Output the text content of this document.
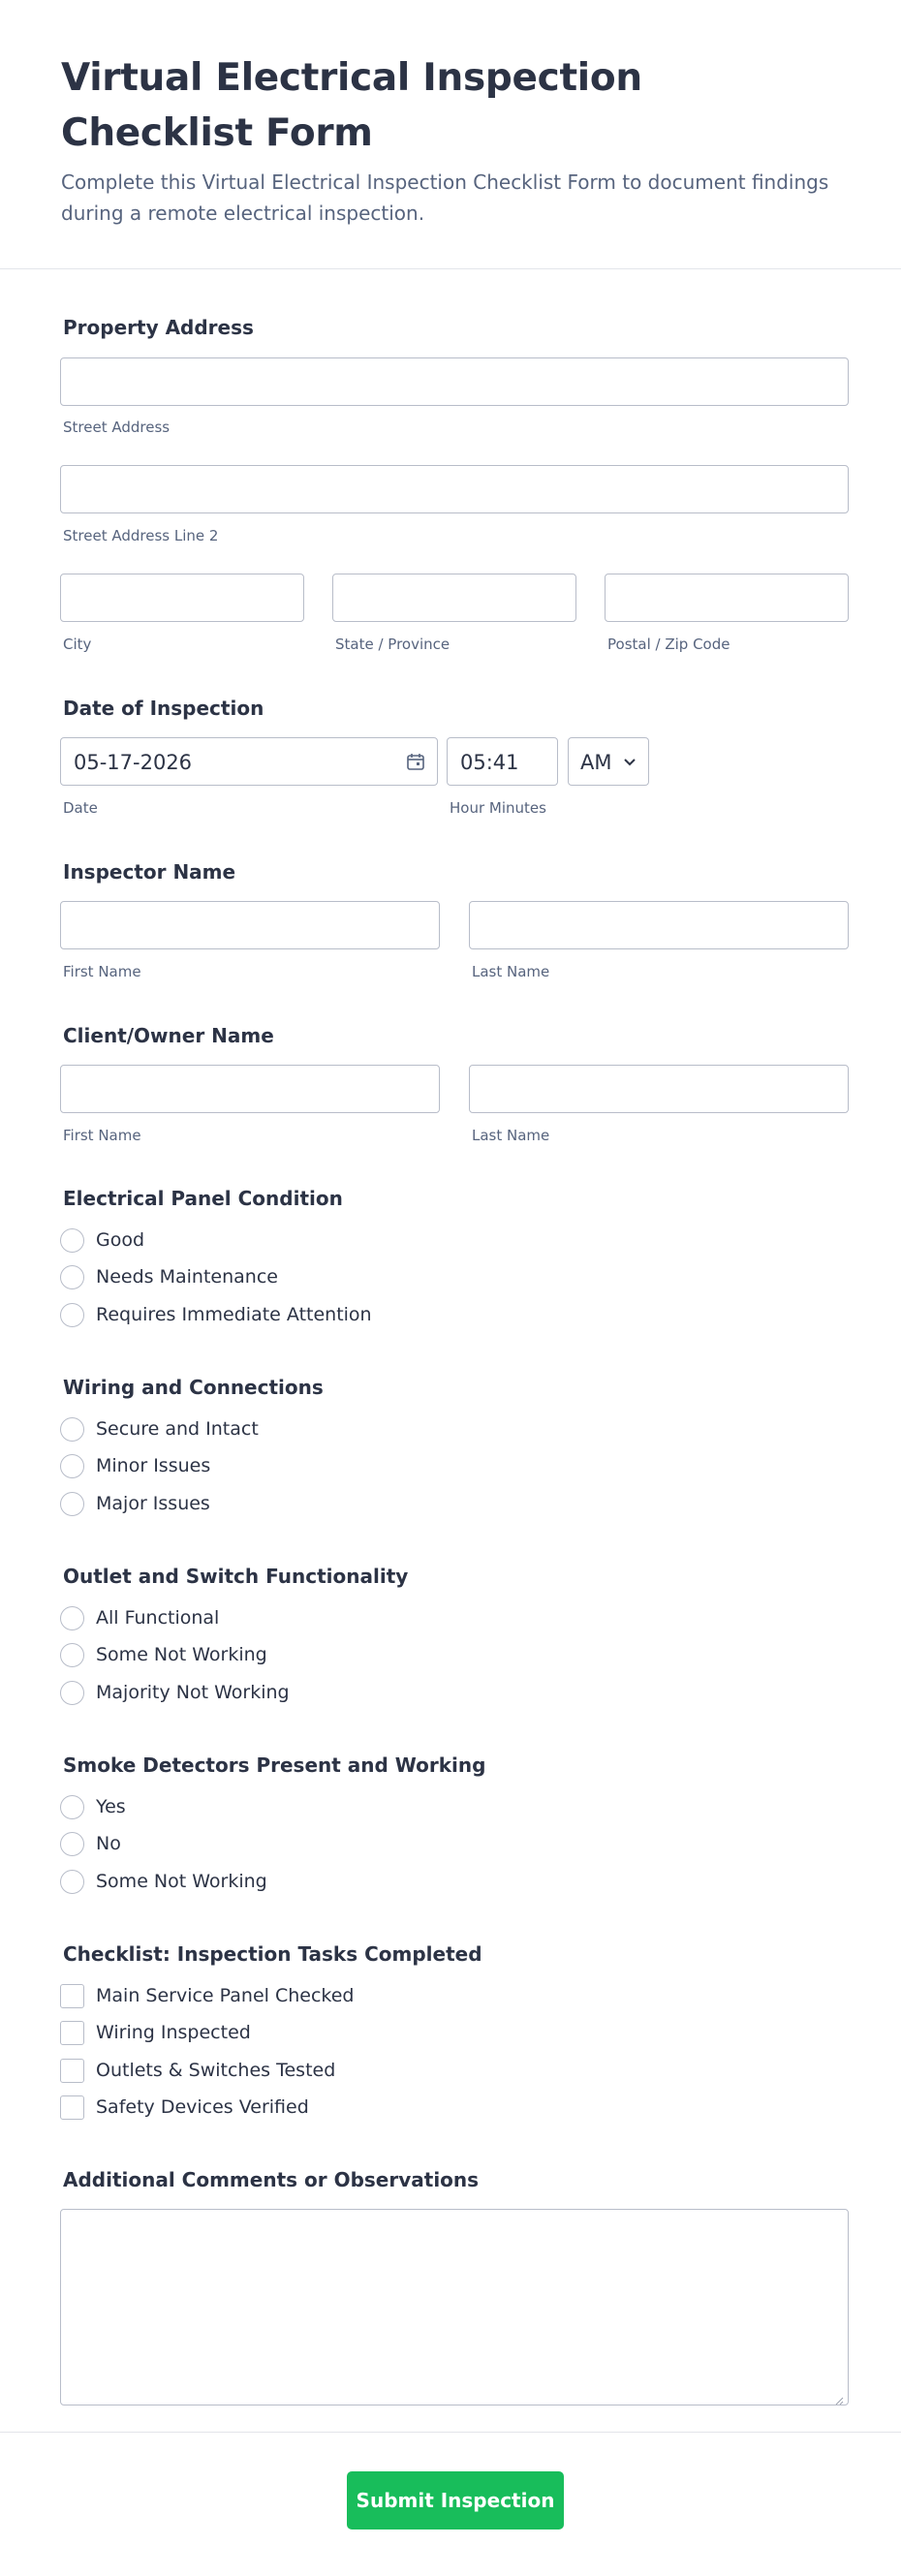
Virtual Electrical Inspection Checklist Form

Complete this Virtual Electrical Inspection Checklist Form to document findings during a remote electrical inspection.

Property Address
Street Address
Street Address Line 2
City	State / Province	Postal / Zip Code
Date of Inspection
05-17-2026
Date
05:41	AM
Hour Minutes
Inspector Name
First Name	Last Name
Client/Owner Name
First Name	Last Name
Electrical Panel Condition
Good
Needs Maintenance
Requires Immediate Attention
Wiring and Connections
Secure and Intact
Minor Issues
Major Issues
Outlet and Switch Functionality
All Functional
Some Not Working
Majority Not Working
Smoke Detectors Present and Working
Yes
No
Some Not Working
Checklist: Inspection Tasks Completed
Main Service Panel Checked
Wiring Inspected
Outlets & Switches Tested
Safety Devices Verified
Additional Comments or Observations
Submit Inspection
